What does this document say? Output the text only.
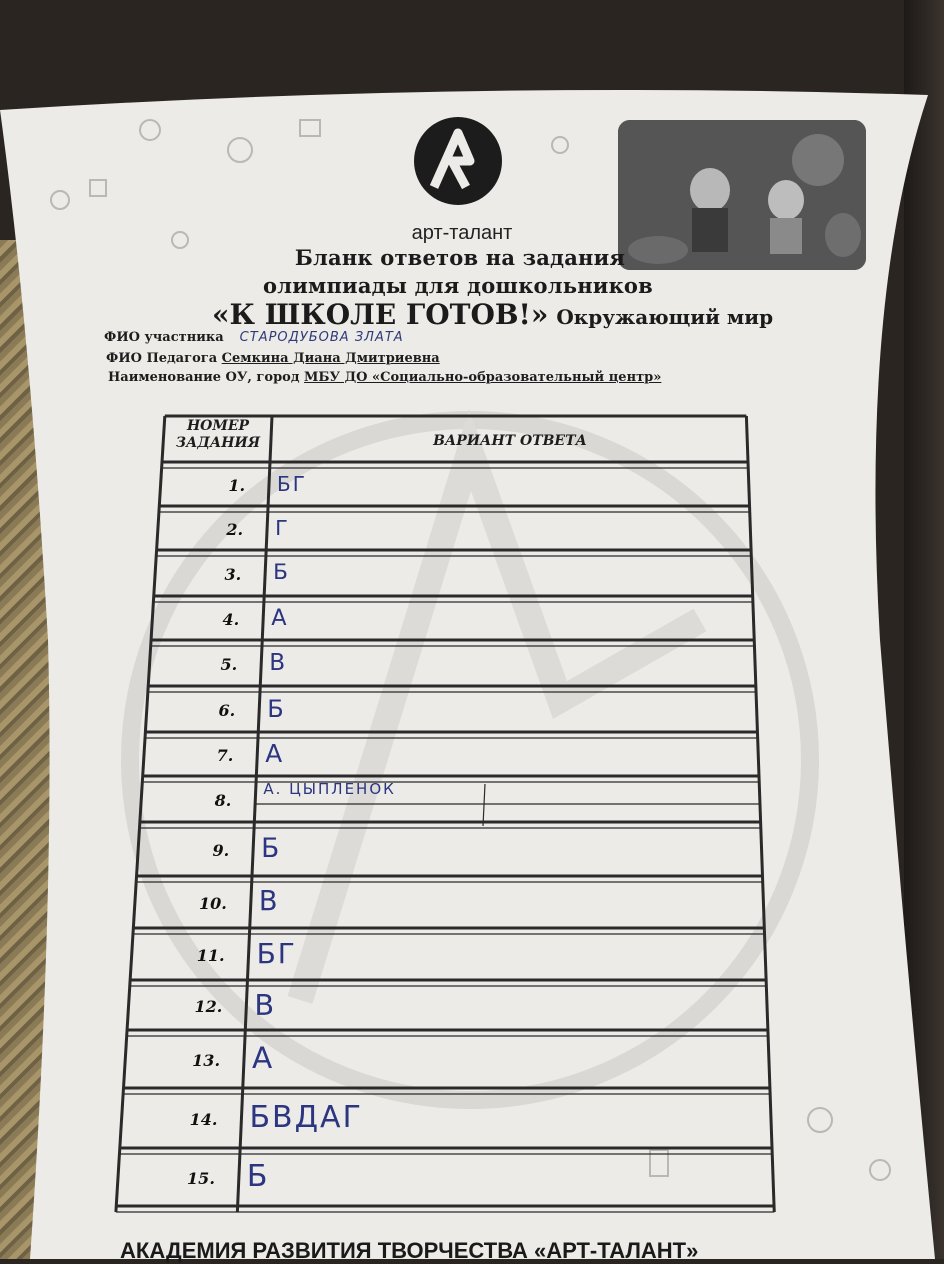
арт-талант
Бланк ответов на задания
олимпиады для дошкольников
«К ШКОЛЕ ГОТОВ!» Окружающий мир
ФИО участника СТАРОДУБОВА ЗЛАТА
ФИО Педагога Семкина Диана Дмитриевна
Наименование ОУ, город МБУ ДО «Социально-образовательный центр»
НОМЕР
ЗАДАНИЯ	ВАРИАНТ ОТВЕТА
1. БГ
2. Г
3. Б
4. А
5. В
6. Б
7. А
8.
А. ЦЫПЛЕНОК
9. Б
10. В
11. БГ
12. В
13. А
14. БВДАГ
15. Б
АКАДЕМИЯ РАЗВИТИЯ ТВОРЧЕСТВА «АРТ-ТАЛАНТ»
